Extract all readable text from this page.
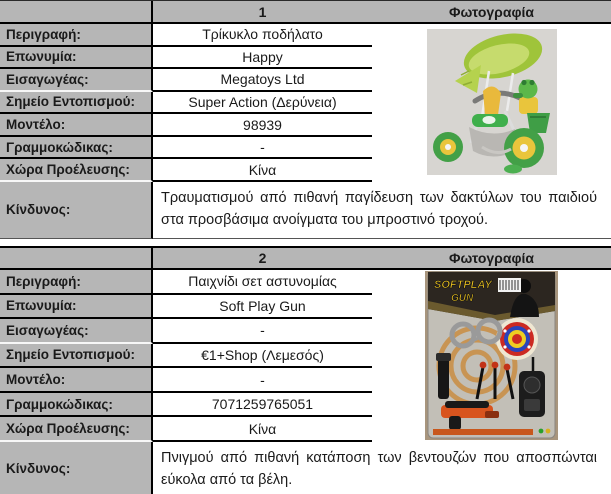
1	Φωτογραφία
Περιγραφή:	Τρίκυκλο ποδήλατο
Επωνυμία:	Happy
Εισαγωγέας:	Megatoys Ltd
Σημείο Εντοπισμού:	Super Action (Δερύνεια)
Μοντέλο:	98939
Γραμμοκώδικας:	-
Χώρα Προέλευσης:	Κίνα
Κίνδυνος:
Τραυματισμού από πιθανή παγίδευση των δακτύλων του παιδιού στα προσβάσιμα ανοίγματα του μπροστινό τροχού.
2	Φωτογραφία
Περιγραφή:	Παιχνίδι σετ αστυνομίας
Επωνυμία:	Soft Play Gun
Εισαγωγέας:	-
Σημείο Εντοπισμού:	€1+Shop (Λεμεσός)
Μοντέλο:	-
Γραμμοκώδικας:	7071259765051
Χώρα Προέλευσης:	Κίνα
SOFTPLAY
GUN
Κίνδυνος:
Πνιγμού από πιθανή κατάποση των βεντουζών που αποσπώνται εύκολα από τα βέλη.
